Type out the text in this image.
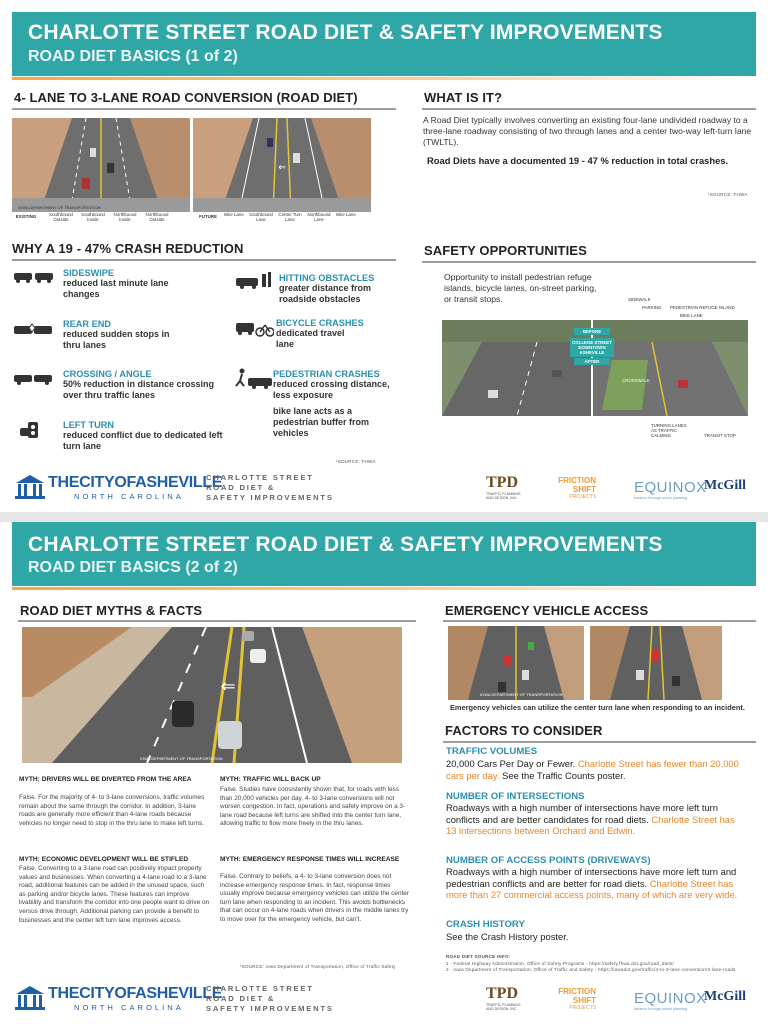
CHARLOTTE STREET ROAD DIET & SAFETY IMPROVEMENTS
ROAD DIET BASICS (1 of 2)
4- LANE TO 3-LANE ROAD CONVERSION (ROAD DIET)
⇐
IOWA DEPARTMENT OF TRANSPORTATION
EXISTING	Southbound Outside
Southbound Inside
Northbound Inside
Northbound Outside
FUTURE	Bike Lane	Southbound Lane
Center Turn Lane
Northbound Lane
Bike Lane
WHAT IS IT?
A Road Diet typically involves converting an existing four-lane undivided roadway to a three-lane roadway consisting of two through lanes and a center two-way left-turn lane (TWLTL).
Road Diets have a documented 19 - 47 % reduction in total crashes.
¹SOURCE: FHWA
WHY A 19 - 47% CRASH REDUCTION
SIDESWIPE
reduced last minute lane changes
REAR END
reduced sudden stops in thru lanes
CROSSING / ANGLE
50% reduction in distance crossing over thru traffic lanes
LEFT TURN
reduced conflict due to dedicated left turn lane
HITTING OBSTACLES
greater distance from roadside obstacles
BICYCLE CRASHES
dedicated travel lane
PEDESTRIAN CRASHES
reduced crossing distance, less exposure
bike lane acts as a pedestrian buffer from vehicles
¹SOURCE: FHWA
SAFETY OPPORTUNITIES
Opportunity to install pedestrian refuge islands, bicycle lanes, on-street parking, or transit stops.	SIDEWALK
PARKING PEDESTRIAN REFUGE ISLAND
BIKE LANE
BEFORE
COLLEGE STREET DOWNTOWN ASHEVILLE
AFTER
CROSSWALK
TURNING LANES AS TRAFFIC CALMING	TRANSIT STOP
THECITYOFASHEVILLE
NORTH CAROLINA
CHARLOTTE STREET
ROAD DIET &
SAFETY IMPROVEMENTS
TPD
TRAFFIC PLANNING AND DESIGN, INC.
FRICTION SHIFT
PROJECTS
EQUINOX
balance through smart planning
McGill
CHARLOTTE STREET ROAD DIET & SAFETY IMPROVEMENTS
ROAD DIET BASICS (2 of 2)
ROAD DIET MYTHS & FACTS
⇐
IOWA DEPARTMENT OF TRANSPORTATION
MYTH: DRIVERS WILL BE DIVERTED FROM THE AREA
False. For the majority of 4- to 3-lane conversions, traffic volumes remain about the same through the corridor. In addition, 3-lane roads are generally more efficient than 4-lane roads because vehicles no longer need to stop in the thru lane to make left turns.
MYTH: TRAFFIC WILL BACK UP
False. Studies have consistently shown that, for roads with less than 20,000 vehicles per day, 4- to 3-lane conversions will not worsen congestion. In fact, operations and safety improve on a 3-lane road because left turns are shifted into the center turn lane, allowing traffic to flow more freely in the thru lanes.
MYTH: ECONOMIC DEVELOPMENT WILL BE STIFLED
False. Converting to a 3-lane road can positively impact property values and businesses. When converting a 4-lane road to a 3-lane road, additional features can be added in the unused space, such as parking and/or bicycle lanes. These features can improve livability and transform the corridor into one people want to drive on versus drive through. Additional parking can provide a benefit to businesses and the center left turn lane improves access.
MYTH: EMERGENCY RESPONSE TIMES WILL INCREASE
False. Contrary to beliefs, a 4- to 3-lane conversion does not increase emergency response times. In fact, response times usually improve because emergency vehicles can utilize the center turn lane when responding to an incident. This avoids bottlenecks that can occur on 4-lane roads when drivers in the middle lanes try to move over for the emergency vehicle, but can't.
¹SOURCE: Iowa Department of Transportation, Office of Traffic Safety
EMERGENCY VEHICLE ACCESS
IOWA DEPARTMENT OF TRANSPORTATION
Emergency vehicles can utilize the center turn lane when responding to an incident.
FACTORS TO CONSIDER
TRAFFIC VOLUMES
20,000 Cars Per Day or Fewer. Charlotte Street has fewer than 20,000 cars per day. See the Traffic Counts poster.
NUMBER OF INTERSECTIONS
Roadways with a high number of intersections have more left turn conflicts and are better candidates for road diets. Charlotte Street has 13 intersections between Orchard and Edwin.
NUMBER OF ACCESS POINTS (DRIVEWAYS)
Roadways with a high number of intersections have more left turn and pedestrian conflicts and are better for road diets. Charlotte Street has more than 27 commercial access points, many of which are very wide.
CRASH HISTORY
See the Crash History poster.
ROAD DIET SOURCE INFO:
1 - Federal Highway Administration, Office of Safety Programs - https://safety.fhwa.dot.gov/road_diets/
2 - Iowa Department of Transportation, Office of Traffic and Safety - https://iowadot.gov/traffic/4-to-3-lane-conversion/3-lane-roads
THECITYOFASHEVILLE
NORTH CAROLINA
CHARLOTTE STREET
ROAD DIET &
SAFETY IMPROVEMENTS
TPD
TRAFFIC PLANNING AND DESIGN, INC.
FRICTION SHIFT
PROJECTS
EQUINOX
balance through smart planning
McGill
